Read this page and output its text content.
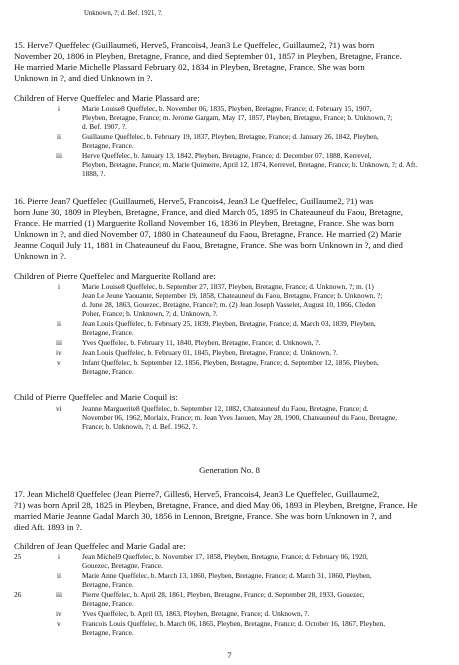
Unknown, ?; d. Bef. 1921, ?.
15. Herve7 Queffelec (Guillaume6, Herve5, Francois4, Jean3 Le Queffelec, Guillaume2, ?1) was born
November 20, 1806 in Pleyben, Bretagne, France, and died September 01, 1857 in Pleyben, Bretagne, France.
He married Marie Michelle Plassard February 02, 1834 in Pleyben, Bretagne, France. She was born
Unknown in ?, and died Unknown in ?.
Children of Herve Queffelec and Marie Plassard are:
i	Marie Louise8 Queffelec, b. November 06, 1835, Pleyben, Bretagne, France; d. February 15, 1907,
Pleyben, Bretagne, France; m. Jerome Gargam, May 17, 1857, Pleyben, Bretagne, France; b. Unknown, ?;
d. Bef. 1907, ?.
ii	Guillaume Queffelec, b. February 19, 1837, Pleyben, Bretagne, France; d. January 26, 1842, Pleyben,
Bretagne, France.
iii	Herve Queffelec, b. January 13, 1842, Pleyben, Bretagne, France; d. December 07, 1888, Kerrevel,
Pleyben, Bretagne, France; m. Marie Quimerre, April 12, 1874, Kerrevel, Bretagne, France; b. Unknown, ?; d. Aft.
1888, ?.
16. Pierre Jean7 Queffelec (Guillaume6, Herve5, Francois4, Jean3 Le Queffelec, Guillaume2, ?1) was
born June 30, 1809 in Pleyben, Bretagne, France, and died March 05, 1895 in Chateauneuf du Faou, Bretagne,
France. He married (1) Marguerite Rolland November 16, 1836 in Pleyben, Bretagne, France. She was born
Unknown in ?, and died November 07, 1880 in Chateauneuf du Faou, Bretagne, France. He married (2) Marie
Jeanne Coquil July 11, 1881 in Chateauneuf du Faou, Bretagne, France. She was born Unknown in ?, and died
Unknown in ?.
Children of Pierre Queffelec and Marguerite Rolland are:
i	Marie Louise8 Queffelec, b. September 27, 1837, Pleyben, Bretagne, France; d. Unknown, ?; m. (1)
Jean Le Jeune Yaouante, September 19, 1858, Chateauneuf du Faou, Bretagne, France; b. Unknown, ?;
d. June 28, 1863, Gouezec, Bretagne, France?; m. (2) Jean Joseph Vasselet, August 10, 1866, Cleden
Poher, France; b. Unknown, ?; d. Unknown, ?.
ii	Jean Louis Queffelec, b. February 25, 1839, Pleyben, Bretagne, France; d. March 03, 1839, Pleyben,
Bretagne, France.
iii	Yves Queffelec, b. February 11, 1840, Pleyben, Bretagne, France; d. Unknown, ?.
iv	Jean Louis Queffelec, b. February 01, 1845, Pleyben, Bretagne, France; d. Unknown, ?.
v	Infant Queffelec, b. September 12, 1856, Pleyben, Bretagne, France; d. September 12, 1856, Pleyben,
Bretagne, France.
Child of Pierre Queffelec and Marie Coquil is:
vi	Jeanne Marguerite8 Queffelec, b. September 12, 1882, Chateauneuf du Faou, Bretagne, France; d.
November 06, 1962, Morlaix, France; m. Jean Yves Jaouen, May 28, 1900, Chateauneuf du Faou, Bretagne,
France; b. Unknown, ?; d. Bef. 1962, ?.
Generation No. 8
17. Jean Michel8 Queffelec (Jean Pierre7, Gilles6, Herve5, Francois4, Jean3 Le Queffelec, Guillaume2,
?1) was born April 28, 1825 in Pleyben, Bretagne, France, and died May 06, 1893 in Pleyben, Bretgne, France. He
married Marie Jeanne Gadal March 30, 1856 in Lennon, Bretgne, France. She was born Unknown in ?, and
died Aft. 1893 in ?.
Children of Jean Queffelec and Marie Gadal are:
25	i	Jean Michel9 Queffelec, b. November 17, 1858, Pleyben, Bretagne, France; d. February 06, 1920,
Gouezec, Bretagne, France.
ii	Marie Anne Queffelec, b. March 13, 1860, Pleyben, Bretagne, France; d. March 31, 1860, Pleyben,
Bretagne, France.
26	iii	Pierre Queffelec, b. April 28, 1861, Pleyben, Bretagne, France; d. September 28, 1933, Gouezec,
Bretagne, France.
iv	Yves Queffelec, b. April 03, 1863, Pleyben, Bretagne, France; d. Unknown, ?.
v	Francois Louis Queffelec, b. March 06, 1865, Pleyben, Bretagne, France; d. October 16, 1867, Pleyben,
Bretagne, France.
7
